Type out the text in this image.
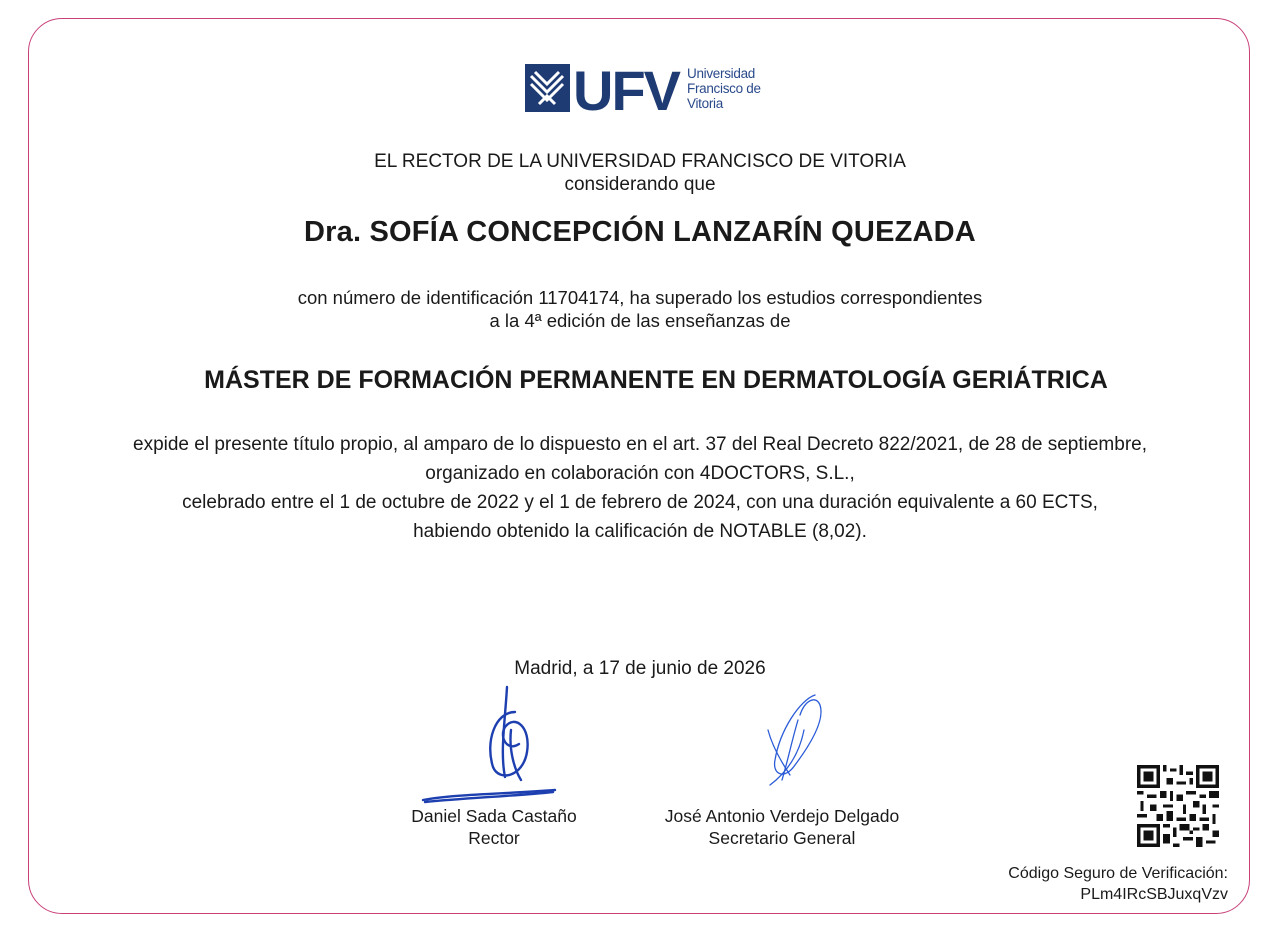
UFV Universidad
Francisco de
Vitoria
EL RECTOR DE LA UNIVERSIDAD FRANCISCO DE VITORIA
considerando que
Dra. SOFÍA CONCEPCIÓN LANZARÍN QUEZADA
con número de identificación 11704174, ha superado los estudios correspondientes
a la 4ª edición de las enseñanzas de
MÁSTER DE FORMACIÓN PERMANENTE EN DERMATOLOGÍA GERIÁTRICA
expide el presente título propio, al amparo de lo dispuesto en el art. 37 del Real Decreto 822/2021, de 28 de septiembre,
organizado en colaboración con 4DOCTORS, S.L.,
celebrado entre el 1 de octubre de 2022 y el 1 de febrero de 2024, con una duración equivalente a 60 ECTS,
habiendo obtenido la calificación de NOTABLE (8,02).
Madrid, a 17 de junio de 2026
Daniel Sada Castaño
Rector
José Antonio Verdejo Delgado
Secretario General
Código Seguro de Verificación:
PLm4IRcSBJuxqVzv
